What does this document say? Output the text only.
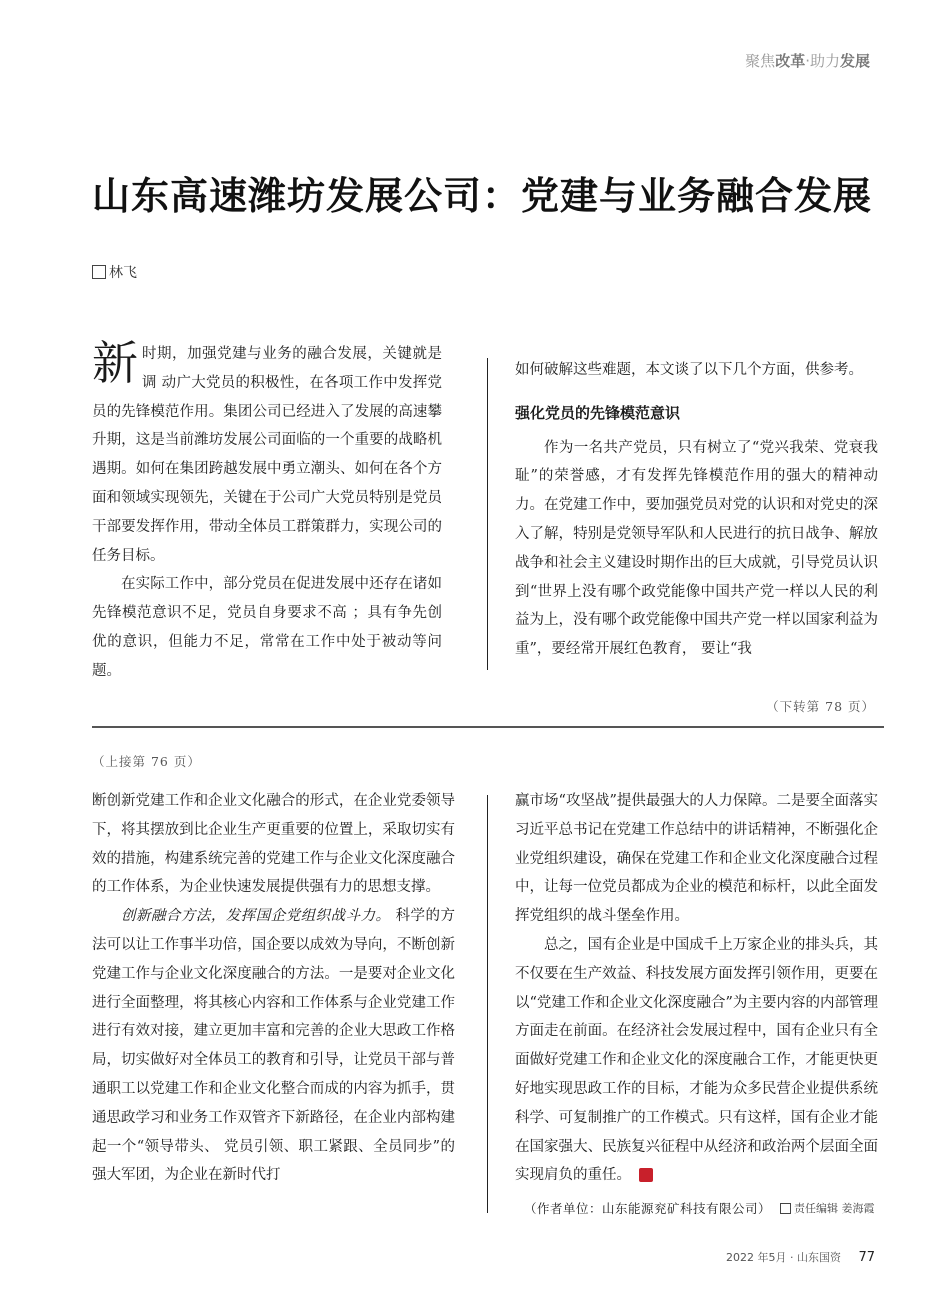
聚焦改革·助力发展
山东高速潍坊发展公司：党建与业务融合发展
林飞

新 时期，加强党建与业务的融合发展，关键就是调 动广大党员的积极性，在各项工作中发挥党员的先锋模范作用。集团公司已经进入了发展的高速攀升期，这是当前潍坊发展公司面临的一个重要的战略机遇期。如何在集团跨越发展中勇立潮头、如何在各个方面和领域实现领先，关键在于公司广大党员特别是党员干部要发挥作用，带动全体员工群策群力，实现公司的任务目标。

在实际工作中，部分党员在促进发展中还存在诸如先锋模范意识不足，党员自身要求不高 ；具有争先创优的意识，但能力不足，常常在工作中处于被动等问题。

如何破解这些难题，本文谈了以下几个方面，供参考。

强化党员的先锋模范意识

作为一名共产党员，只有树立了“党兴我荣、党衰我耻”的荣誉感，才有发挥先锋模范作用的强大的精神动力。在党建工作中，要加强党员对党的认识和对党史的深入了解，特别是党领导军队和人民进行的抗日战争、解放战争和社会主义建设时期作出的巨大成就，引导党员认识到“世界上没有哪个政党能像中国共产党一样以人民的利益为上，没有哪个政党能像中国共产党一样以国家利益为重”，要经常开展红色教育， 要让“我

（下转第 78 页）
（上接第 76 页）

断创新党建工作和企业文化融合的形式，在企业党委领导下，将其摆放到比企业生产更重要的位置上，采取切实有效的措施，构建系统完善的党建工作与企业文化深度融合的工作体系，为企业快速发展提供强有力的思想支撑。

创新融合方法，发挥国企党组织战斗力。 科学的方法可以让工作事半功倍，国企要以成效为导向，不断创新党建工作与企业文化深度融合的方法。一是要对企业文化进行全面整理，将其核心内容和工作体系与企业党建工作进行有效对接，建立更加丰富和完善的企业大思政工作格局，切实做好对全体员工的教育和引导，让党员干部与普通职工以党建工作和企业文化整合而成的内容为抓手，贯通思政学习和业务工作双管齐下新路径，在企业内部构建起一个“领导带头、 党员引领、职工紧跟、全员同步”的强大军团，为企业在新时代打

赢市场“攻坚战”提供最强大的人力保障。二是要全面落实习近平总书记在党建工作总结中的讲话精神，不断强化企业党组织建设，确保在党建工作和企业文化深度融合过程中，让每一位党员都成为企业的模范和标杆，以此全面发挥党组织的战斗堡垒作用。

总之，国有企业是中国成千上万家企业的排头兵，其不仅要在生产效益、科技发展方面发挥引领作用，更要在以“党建工作和企业文化深度融合”为主要内容的内部管理方面走在前面。在经济社会发展过程中，国有企业只有全面做好党建工作和企业文化的深度融合工作，才能更快更好地实现思政工作的目标，才能为众多民营企业提供系统科学、可复制推广的工作模式。只有这样，国有企业才能在国家强大、民族复兴征程中从经济和政治两个层面全面实现肩负的重任。	Z

（作者单位：山东能源兖矿科技有限公司） 责任编辑 姜海霞
2022 年5月 · 山东国资 77
